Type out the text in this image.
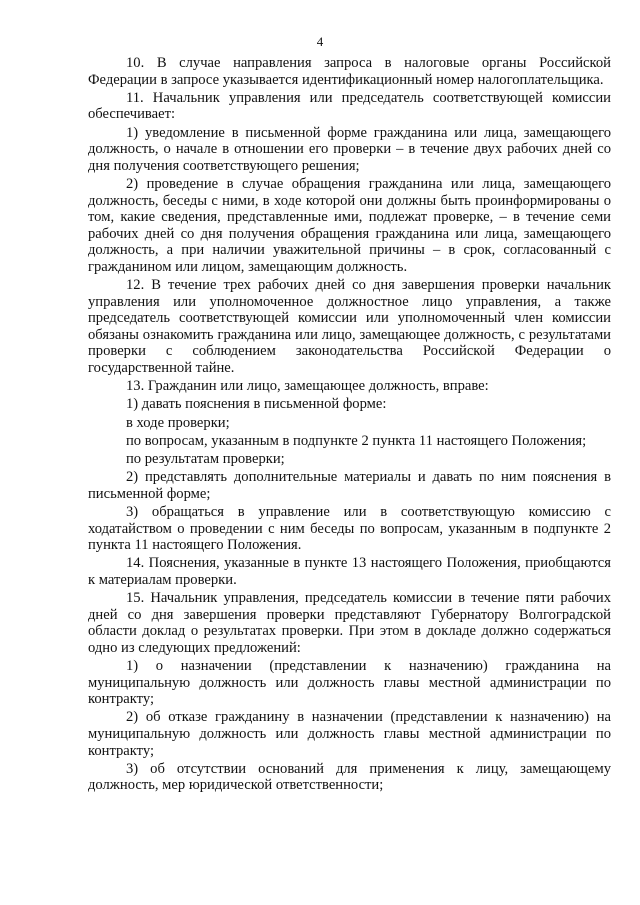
4

10. В случае направления запроса в налоговые органы Российской Федерации в запросе указывается идентификационный номер налогоплательщика.

11. Начальник управления или председатель соответствующей комиссии обеспечивает:

1) уведомление в письменной форме гражданина или лица, замещающего должность, о начале в отношении его проверки – в течение двух рабочих дней со дня получения соответствующего решения;

2) проведение в случае обращения гражданина или лица, замещающего должность, беседы с ними, в ходе которой они должны быть проинформированы о том, какие сведения, представленные ими, подлежат проверке, – в течение семи рабочих дней со дня получения обращения гражданина или лица, замещающего должность, а при наличии уважительной причины – в срок, согласованный с гражданином или лицом, замещающим должность.

12. В течение трех рабочих дней со дня завершения проверки начальник управления или уполномоченное должностное лицо управления, а также председатель соответствующей комиссии или уполномоченный член комиссии обязаны ознакомить гражданина или лицо, замещающее должность, с результатами проверки с соблюдением законодательства Российской Федерации о государственной тайне.

13. Гражданин или лицо, замещающее должность, вправе:

1) давать пояснения в письменной форме:

в ходе проверки;

по вопросам, указанным в подпункте 2 пункта 11 настоящего Положения;

по результатам проверки;

2) представлять дополнительные материалы и давать по ним пояснения в письменной форме;

3) обращаться в управление или в соответствующую комиссию с ходатайством о проведении с ним беседы по вопросам, указанным в подпункте 2 пункта 11 настоящего Положения.

14. Пояснения, указанные в пункте 13 настоящего Положения, приобщаются к материалам проверки.

15. Начальник управления, председатель комиссии в течение пяти рабочих дней со дня завершения проверки представляют Губернатору Волгоградской области доклад о результатах проверки. При этом в докладе должно содержаться одно из следующих предложений:

1) о назначении (представлении к назначению) гражданина на муниципальную должность или должность главы местной администрации по контракту;

2) об отказе гражданину в назначении (представлении к назначению) на муниципальную должность или должность главы местной администрации по контракту;

3) об отсутствии оснований для применения к лицу, замещающему должность, мер юридической ответственности;
